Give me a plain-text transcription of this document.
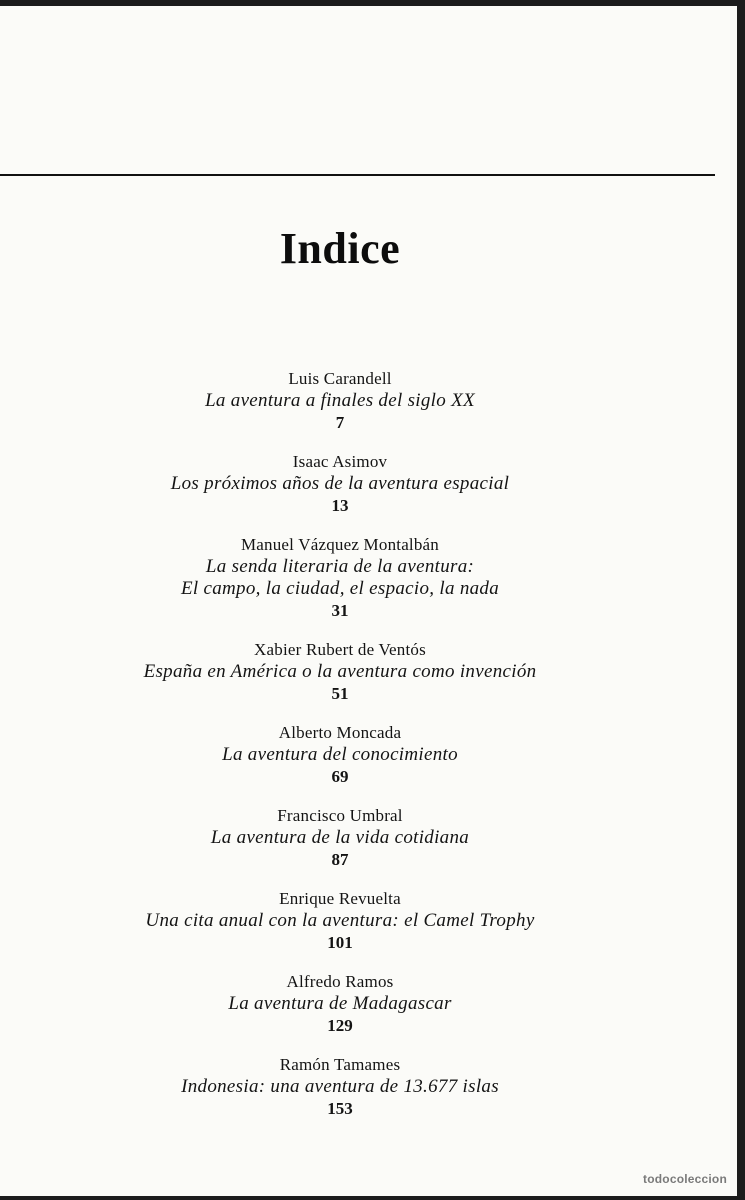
Indice
Luis Carandell
La aventura a finales del siglo XX
7
Isaac Asimov
Los próximos años de la aventura espacial
13
Manuel Vázquez Montalbán
La senda literaria de la aventura:
El campo, la ciudad, el espacio, la nada
31
Xabier Rubert de Ventós
España en América o la aventura como invención
51
Alberto Moncada
La aventura del conocimiento
69
Francisco Umbral
La aventura de la vida cotidiana
87
Enrique Revuelta
Una cita anual con la aventura: el Camel Trophy
101
Alfredo Ramos
La aventura de Madagascar
129
Ramón Tamames
Indonesia: una aventura de 13.677 islas
153
todocoleccion
